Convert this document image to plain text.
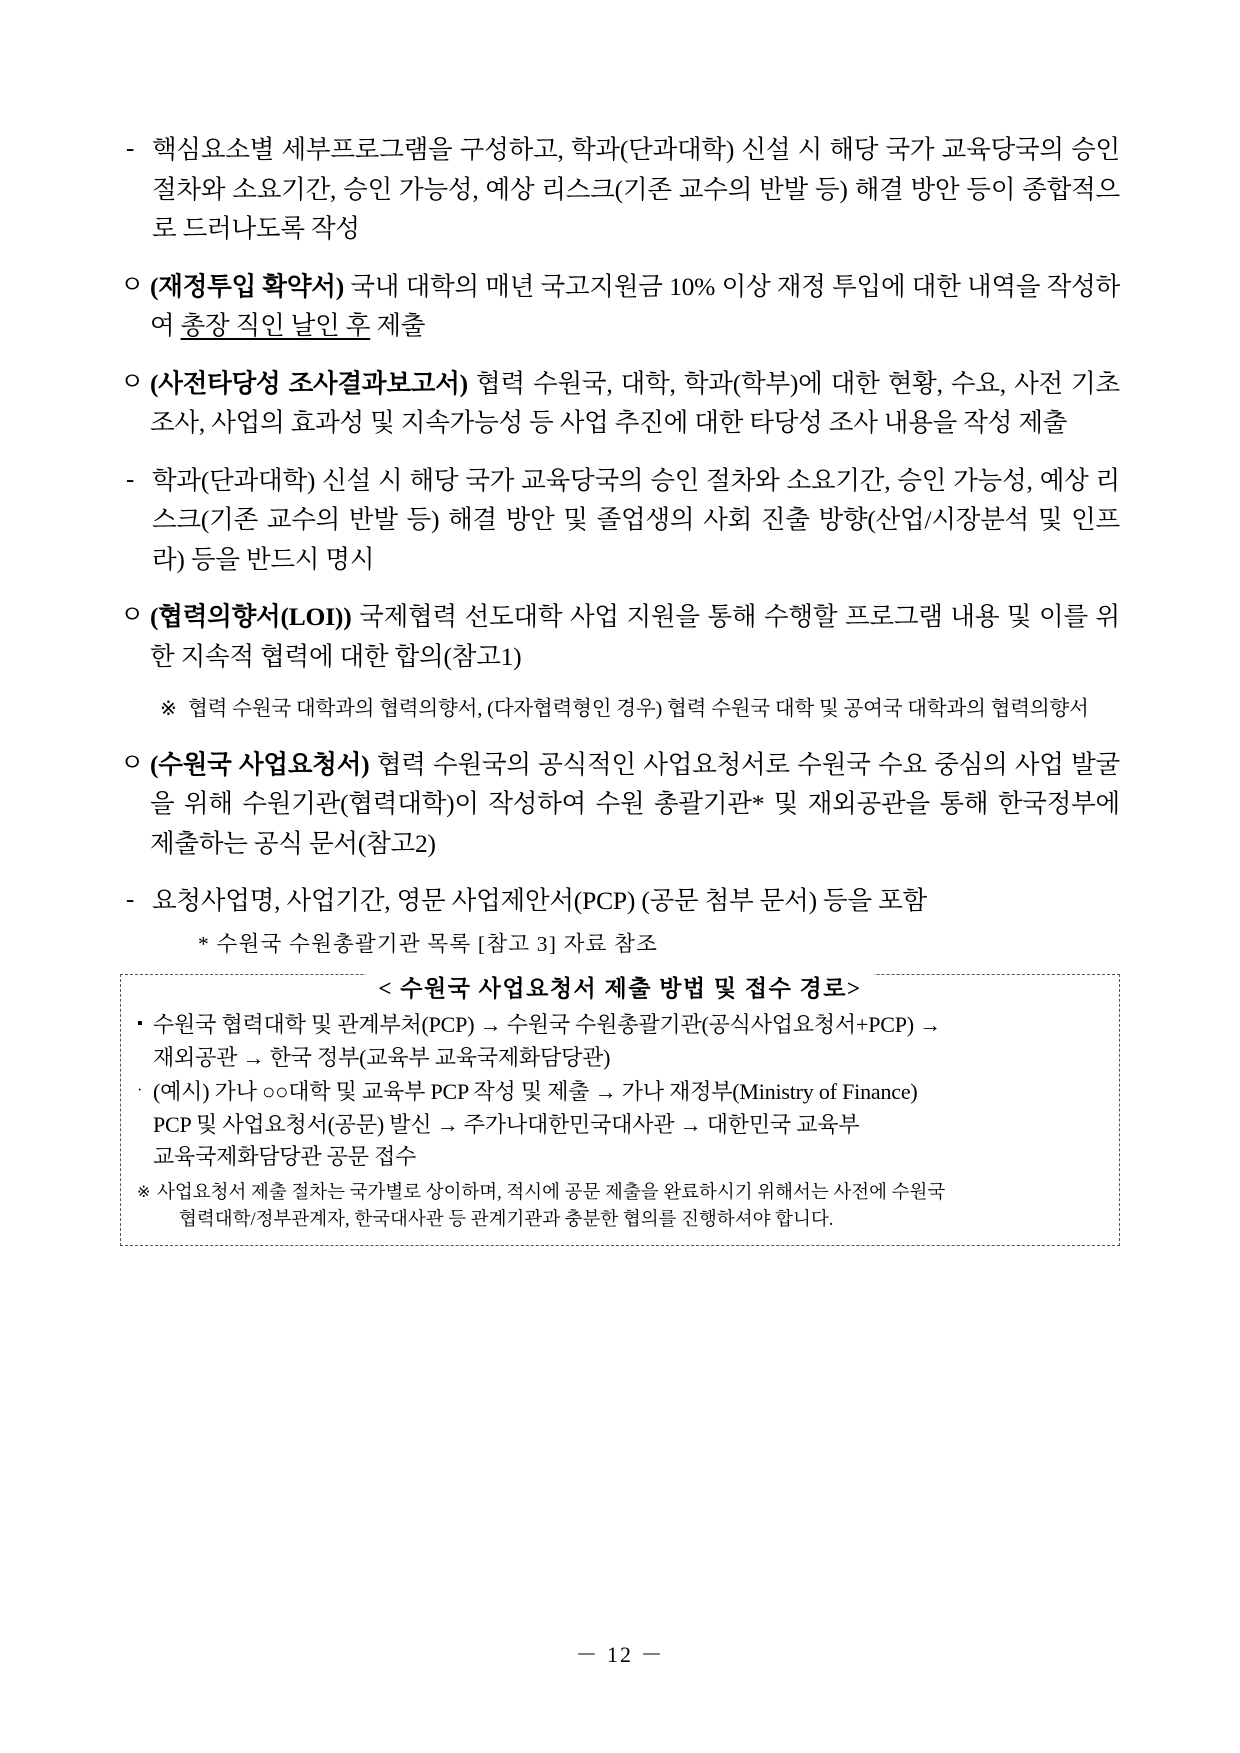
- 핵심요소별 세부프로그램을 구성하고, 학과(단과대학) 신설 시 해당 국가 교육당국의 승인 절차와 소요기간, 승인 가능성, 예상 리스크(기존 교수의 반발 등) 해결 방안 등이 종합적으로 드러나도록 작성
ㅇ (재정투입 확약서) 국내 대학의 매년 국고지원금 10% 이상 재정 투입에 대한 내역을 작성하여 총장 직인 날인 후 제출
ㅇ (사전타당성 조사결과보고서) 협력 수원국, 대학, 학과(학부)에 대한 현황, 수요, 사전 기초 조사, 사업의 효과성 및 지속가능성 등 사업 추진에 대한 타당성 조사 내용을 작성 제출
- 학과(단과대학) 신설 시 해당 국가 교육당국의 승인 절차와 소요기간, 승인 가능성, 예상 리스크(기존 교수의 반발 등) 해결 방안 및 졸업생의 사회 진출 방향(산업/시장분석 및 인프라) 등을 반드시 명시
ㅇ (협력의향서(LOI)) 국제협력 선도대학 사업 지원을 통해 수행할 프로그램 내용 및 이를 위한 지속적 협력에 대한 합의(참고1)
※ 협력 수원국 대학과의 협력의향서, (다자협력형인 경우) 협력 수원국 대학 및 공여국 대학과의 협력의향서
ㅇ (수원국 사업요청서) 협력 수원국의 공식적인 사업요청서로 수원국 수요 중심의 사업 발굴을 위해 수원기관(협력대학)이 작성하여 수원 총괄기관* 및 재외공관을 통해 한국정부에 제출하는 공식 문서(참고2)
- 요청사업명, 사업기간, 영문 사업제안서(PCP) (공문 첨부 문서) 등을 포함
* 수원국 수원총괄기관 목록 [참고 3] 자료 참조
< 수원국 사업요청서 제출 방법 및 접수 경로>
▪ 수원국 협력대학 및 관계부처(PCP) → 수원국 수원총괄기관(공식사업요청서+PCP) →
재외공관 → 한국 정부(교육부 교육국제화담당관)
· (예시) 가나 ○○대학 및 교육부 PCP 작성 및 제출 → 가나 재정부(Ministry of Finance)
PCP 및 사업요청서(공문) 발신 → 주가나대한민국대사관 → 대한민국 교육부
교육국제화담당관 공문 접수
※ 사업요청서 제출 절차는 국가별로 상이하며, 적시에 공문 제출을 완료하시기 위해서는 사전에 수원국
협력대학/정부관계자, 한국대사관 등 관계기관과 충분한 협의를 진행하셔야 합니다.
－ 12 －
